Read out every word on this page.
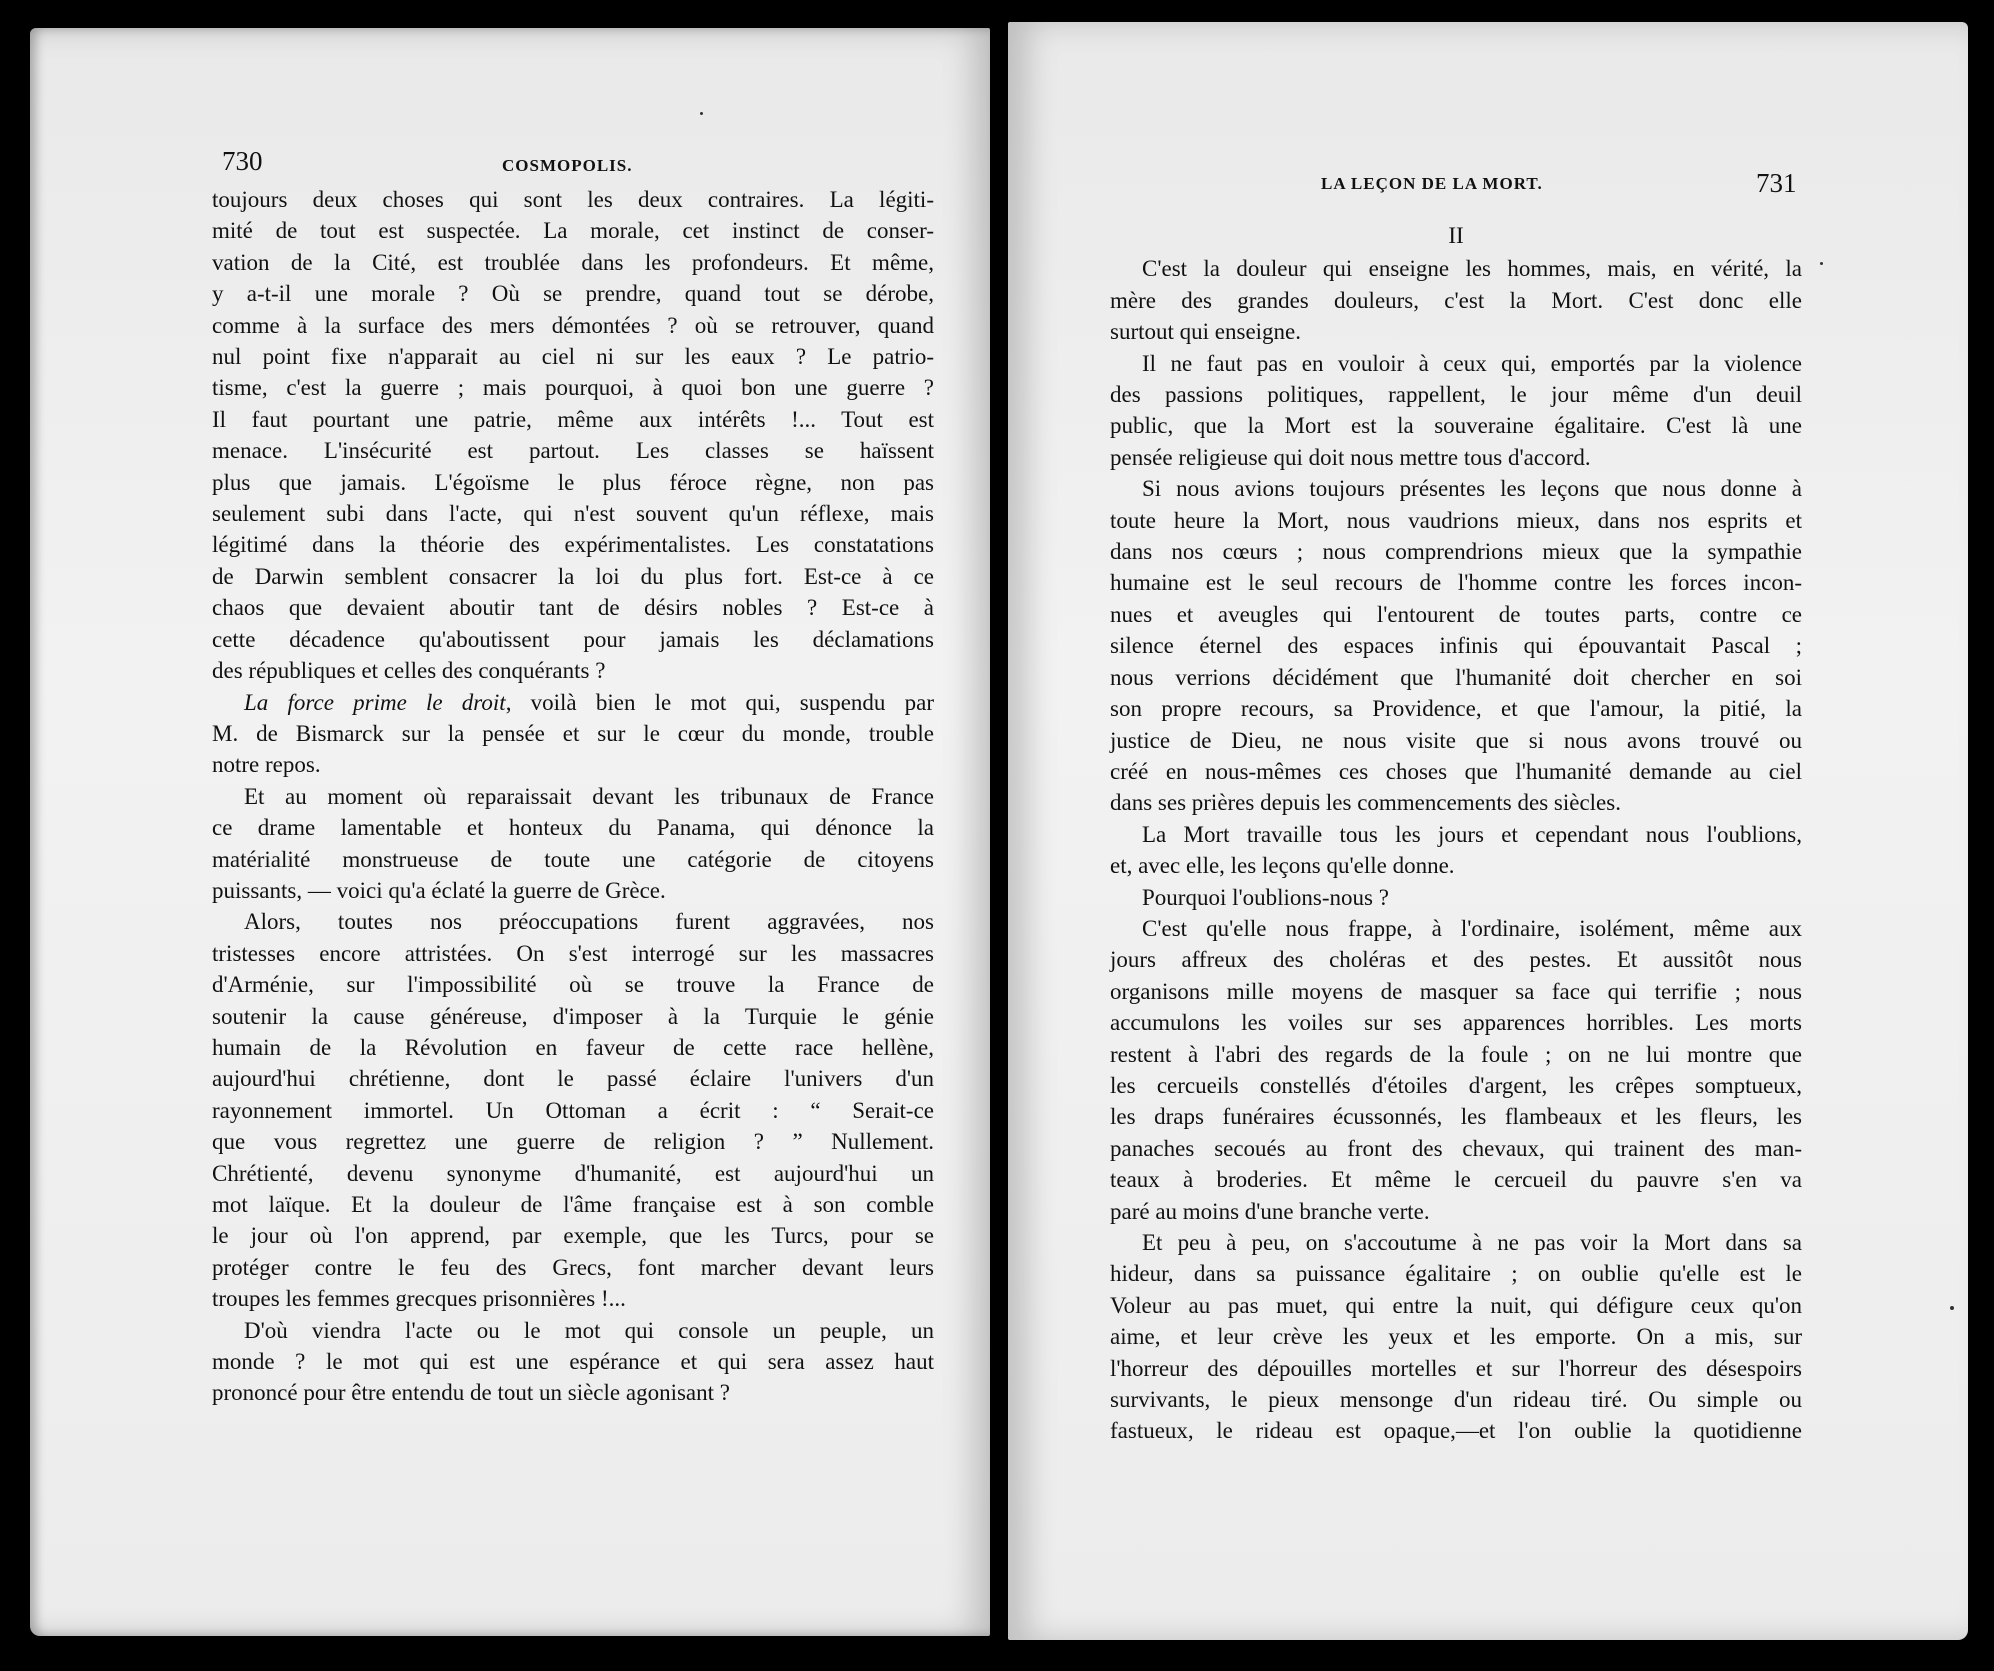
730	COSMOPOLIS.
toujours deux choses qui sont les deux contraires. La légiti-
mité de tout est suspectée. La morale, cet instinct de conser-
vation de la Cité, est troublée dans les profondeurs. Et même,
y a-t-il une morale ? Où se prendre, quand tout se dérobe,
comme à la surface des mers démontées ? où se retrouver, quand
nul point fixe n'apparait au ciel ni sur les eaux ? Le patrio-
tisme, c'est la guerre ; mais pourquoi, à quoi bon une guerre ?
Il faut pourtant une patrie, même aux intérêts !... Tout est
menace. L'insécurité est partout. Les classes se haïssent
plus que jamais. L'égoïsme le plus féroce règne, non pas
seulement subi dans l'acte, qui n'est souvent qu'un réflexe, mais
légitimé dans la théorie des expérimentalistes. Les constatations
de Darwin semblent consacrer la loi du plus fort. Est-ce à ce
chaos que devaient aboutir tant de désirs nobles ? Est-ce à
cette décadence qu'aboutissent pour jamais les déclamations
des républiques et celles des conquérants ?
La force prime le droit, voilà bien le mot qui, suspendu par
M. de Bismarck sur la pensée et sur le cœur du monde, trouble
notre repos.
Et au moment où reparaissait devant les tribunaux de France
ce drame lamentable et honteux du Panama, qui dénonce la
matérialité monstrueuse de toute une catégorie de citoyens
puissants, — voici qu'a éclaté la guerre de Grèce.
Alors, toutes nos préoccupations furent aggravées, nos
tristesses encore attristées. On s'est interrogé sur les massacres
d'Arménie, sur l'impossibilité où se trouve la France de
soutenir la cause généreuse, d'imposer à la Turquie le génie
humain de la Révolution en faveur de cette race hellène,
aujourd'hui chrétienne, dont le passé éclaire l'univers d'un
rayonnement immortel. Un Ottoman a écrit : “ Serait-ce
que vous regrettez une guerre de religion ? ” Nullement.
Chrétienté, devenu synonyme d'humanité, est aujourd'hui un
mot laïque. Et la douleur de l'âme française est à son comble
le jour où l'on apprend, par exemple, que les Turcs, pour se
protéger contre le feu des Grecs, font marcher devant leurs
troupes les femmes grecques prisonnières !...
D'où viendra l'acte ou le mot qui console un peuple, un
monde ? le mot qui est une espérance et qui sera assez haut
prononcé pour être entendu de tout un siècle agonisant ?
LA LEÇON DE LA MORT.	731
II
C'est la douleur qui enseigne les hommes, mais, en vérité, la
mère des grandes douleurs, c'est la Mort. C'est donc elle
surtout qui enseigne.
Il ne faut pas en vouloir à ceux qui, emportés par la violence
des passions politiques, rappellent, le jour même d'un deuil
public, que la Mort est la souveraine égalitaire. C'est là une
pensée religieuse qui doit nous mettre tous d'accord.
Si nous avions toujours présentes les leçons que nous donne à
toute heure la Mort, nous vaudrions mieux, dans nos esprits et
dans nos cœurs ; nous comprendrions mieux que la sympathie
humaine est le seul recours de l'homme contre les forces incon-
nues et aveugles qui l'entourent de toutes parts, contre ce
silence éternel des espaces infinis qui épouvantait Pascal ;
nous verrions décidément que l'humanité doit chercher en soi
son propre recours, sa Providence, et que l'amour, la pitié, la
justice de Dieu, ne nous visite que si nous avons trouvé ou
créé en nous-mêmes ces choses que l'humanité demande au ciel
dans ses prières depuis les commencements des siècles.
La Mort travaille tous les jours et cependant nous l'oublions,
et, avec elle, les leçons qu'elle donne.
Pourquoi l'oublions-nous ?
C'est qu'elle nous frappe, à l'ordinaire, isolément, même aux
jours affreux des choléras et des pestes. Et aussitôt nous
organisons mille moyens de masquer sa face qui terrifie ; nous
accumulons les voiles sur ses apparences horribles. Les morts
restent à l'abri des regards de la foule ; on ne lui montre que
les cercueils constellés d'étoiles d'argent, les crêpes somptueux,
les draps funéraires écussonnés, les flambeaux et les fleurs, les
panaches secoués au front des chevaux, qui trainent des man-
teaux à broderies. Et même le cercueil du pauvre s'en va
paré au moins d'une branche verte.
Et peu à peu, on s'accoutume à ne pas voir la Mort dans sa
hideur, dans sa puissance égalitaire ; on oublie qu'elle est le
Voleur au pas muet, qui entre la nuit, qui défigure ceux qu'on
aime, et leur crève les yeux et les emporte. On a mis, sur
l'horreur des dépouilles mortelles et sur l'horreur des désespoirs
survivants, le pieux mensonge d'un rideau tiré. Ou simple ou
fastueux, le rideau est opaque,—et l'on oublie la quotidienne
